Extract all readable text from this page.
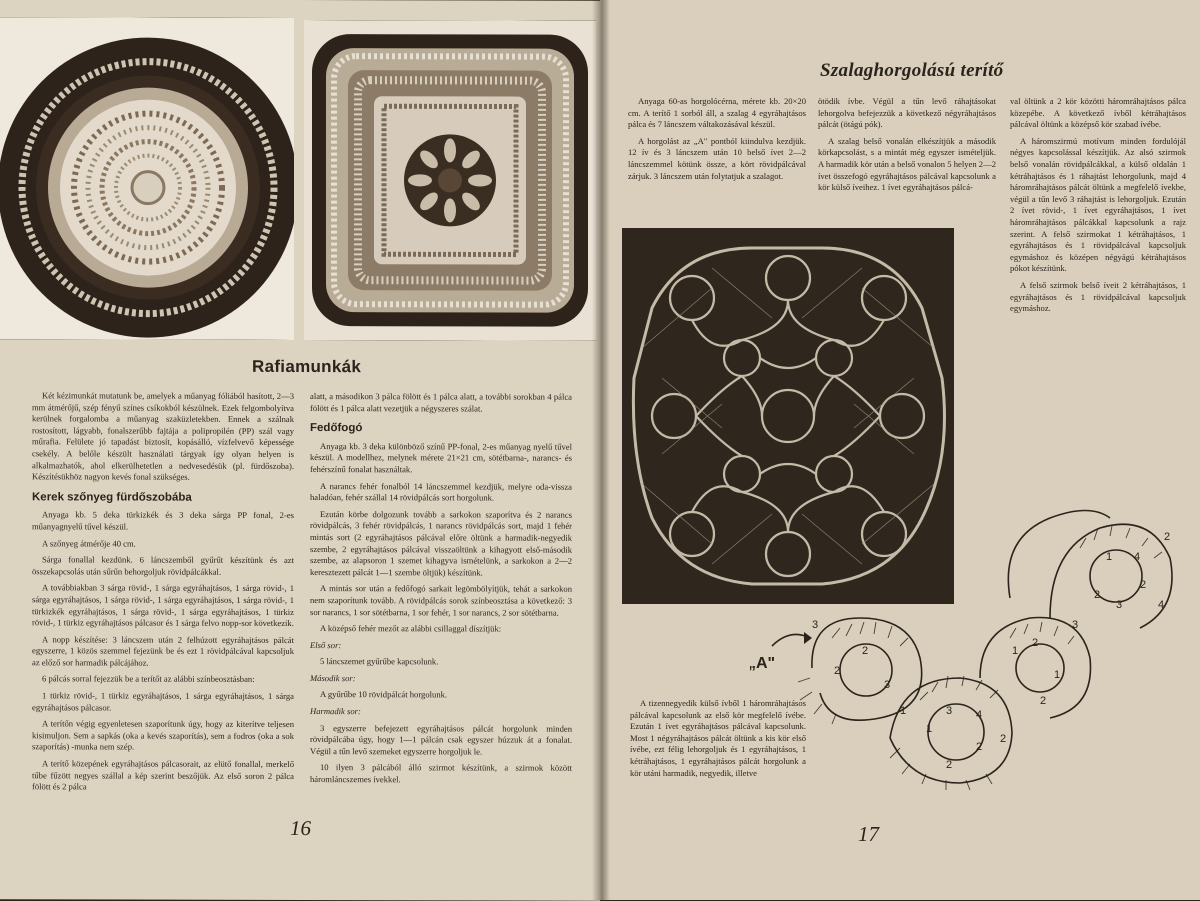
Rafiamunkák

Két kézimunkát mutatunk be, amelyek a műanyag fóliából hasított, 2—3 mm átmérőjű, szép fényű színes csíkokból készülnek. Ezek felgombolyítva kerülnek forgalomba a műanyag szaküzletekben. Ennek a szálnak rostosított, lágyabb, fonalszerűbb fajtája a polipropilén (PP) szál vagy műrafia. Felülete jó tapadást biztosít, kopásálló, vízfelvevő képessége csekély. A belőle készült használati tárgyak így olyan helyen is alkalmazhatók, ahol elkerülhetetlen a nedvesedésük (pl. fürdőszoba). Készítésükhöz nagyon kevés fonal szükséges.

Kerek szőnyeg fürdőszobába

Anyaga kb. 5 deka türkizkék és 3 deka sárga PP fonal, 2-es műanyagnyelű tűvel készül.

A szőnyeg átmérője 40 cm.

Sárga fonallal kezdünk. 6 láncszemből gyűrűt készítünk és azt összekapcsolás után sűrűn behorgoljuk rövidpálcákkal.

A továbbiakban 3 sárga rövid-, 1 sárga egyráhajtásos, 1 sárga rövid-, 1 sárga egyráhajtásos, 1 sárga rövid-, 1 sárga egyráhajtásos, 1 sárga rövid-, 1 türkizkék egyráhajtásos, 1 sárga rövid-, 1 sárga egyráhajtásos, 1 türkiz rövid-, 1 türkiz egyráhajtásos pálcasor és 1 sárga felvo nopp-sor következik.

A nopp készítése: 3 láncszem után 2 felhúzott egyráhajtásos pálcát egyszerre, 1 közös szemmel fejezünk be és ezt 1 rövidpálcával kapcsoljuk az előző sor harmadik pálcájához.

6 pálcás sorral fejezzük be a terítőt az alábbi színbeosztásban:

1 türkiz rövid-, 1 türkiz egyráhajtásos, 1 sárga egyráhajtásos, 1 sárga egyráhajtásos pálcasor.

A terítőn végig egyenletesen szaporítunk úgy, hogy az kiterítve teljesen kisimuljon. Sem a sapkás (oka a kevés szaporítás), sem a fodros (oka a sok szaporítás) -munka nem szép.

A terítő közepének egyráhajtásos pálcasorait, az elütő fonallal, merkelő tűbe fűzött negyes szállal a kép szerint beszőjük. Az első soron 2 pálca fölött és 2 pálca

alatt, a másodikon 3 pálca fölött és 1 pálca alatt, a további sorokban 4 pálca fölött és 1 pálca alatt vezetjük a négyszeres szálat.

Fedőfogó

Anyaga kb. 3 deka különböző színű PP-fonal, 2-es műanyag nyelű tűvel készül. A modellhez, melynek mérete 21×21 cm, sötétbarna-, narancs- és fehérszínű fonalat használtak.

A narancs fehér fonalból 14 láncszemmel kezdjük, melyre oda-vissza haladóan, fehér szállal 14 rövidpálcás sort horgolunk.

Ezután körbe dolgozunk tovább a sarkokon szaporítva és 2 narancs rövidpálcás, 3 fehér rövidpálcás, 1 narancs rövidpálcás sort, majd 1 fehér mintás sort (2 egyráhajtásos pálcával előre öltünk a harmadik-negyedik szembe, 2 egyráhajtásos pálcával visszaöltünk a kihagyott első-második szembe, az alapsoron 1 szemet kihagyva ismételünk, a sarkokon a 2—2 keresztezett pálcát 1—1 szembe öltjük) készítünk.

A mintás sor után a fedőfogó sarkait legömbölyítjük, tehát a sarkokon nem szaporítunk tovább. A rövidpálcás sorok színbeosztása a következő: 3 sor narancs, 1 sor sötétbarna, 1 sor fehér, 1 sor narancs, 2 sor sötétbarna.

A középső fehér mezőt az alábbi csillaggal díszítjük:

Első sor:

5 láncszemet gyűrűbe kapcsolunk.

Második sor:

A gyűrűbe 10 rövidpálcát horgolunk.

Harmadik sor:

3 egyszerre befejezett egyráhajtásos pálcát horgolunk minden rövidpálcába úgy, hogy 1—1 pálcán csak egyszer húzzuk át a fonalat. Végül a tűn levő szemeket egyszerre horgoljuk le.

10 ilyen 3 pálcából álló szirmot készítünk, a szirmok között háromláncszemes ívekkel.

16
Szalaghorgolású terítő

Anyaga 60-as horgolócérna, mérete kb. 20×20 cm. A terítő 1 sorból áll, a szalag 4 egyráhajtásos pálca és 7 láncszem váltakozásával készül.

A horgolást az „A" pontból kiindulva kezdjük. 12 ív és 3 láncszem után 10 belső ívet 2—2 láncszemmel kötünk össze, a kört rövidpálcával zárjuk. 3 láncszem után folytatjuk a szalagot.

ötödik ívbe. Végül a tűn levő ráhajtásokat lehorgolva befejezzük a következő négyráhajtásos pálcát (ötágú pók).

A szalag belső vonalán elkészítjük a második körkapcsolást, s a mintát még egyszer ismételjük. A harmadik kör után a belső vonalon 5 helyen 2—2 ívet összefogó egyráhajtásos pálcával kapcsolunk a kör külső íveihez. 1 ívet egyráhajtásos pálcá-

val öltünk a 2 kör közötti háromráhajtásos pálca közepébe. A következő ívből kétráhajtásos pálcával öltünk a középső kör szabad ívébe.

A háromszirmú motívum minden fordulójál négyes kapcsolással készítjük. Az alsó szirmok belső vonalán rövidpálcákkal, a külső oldalán 1 kétráhajtásos és 1 ráhajtást lehorgolunk, majd 4 háromráhajtásos pálcát öltünk a megfelelő ívekbe, végül a tűn levő 3 ráhajtást is lehorgoljuk. Ezután 2 ívet rövid-, 1 ívet egyráhajtásos, 1 ívet háromráhajtásos pálcákkal kapcsolunk a rajz szerint. A felső szirmokat 1 kétráhajtásos, 1 egyráhajtásos és 1 rövidpálcával kapcsoljuk egymáshoz és középen négyágú kétráhajtásos pókot készítünk.

A felső szirmok belső íveit 2 kétráhajtásos, 1 egyráhajtásos és 1 rövidpálcával kapcsoljuk egymáshoz.

„A"	2
2
3
1
3 4
2
2
1
2
1
2
3
2
1 4
2
3	4
2
3
1
2

A tizennegyedik külső ívből 1 háromráhajtásos pálcával kapcsolunk az első kör megfelelő ívébe. Ezután 1 ívet egyráhajtásos pálcával kapcsolunk. Most 1 négyráhajtásos pálcát öltünk a kis kör első ívébe, ezt félig lehorgoljuk és 1 egyráhajtásos, 1 kétráhajtásos, 1 egyráhajtásos pálcát horgolunk a kör utáni harmadik, negyedik, illetve

17
